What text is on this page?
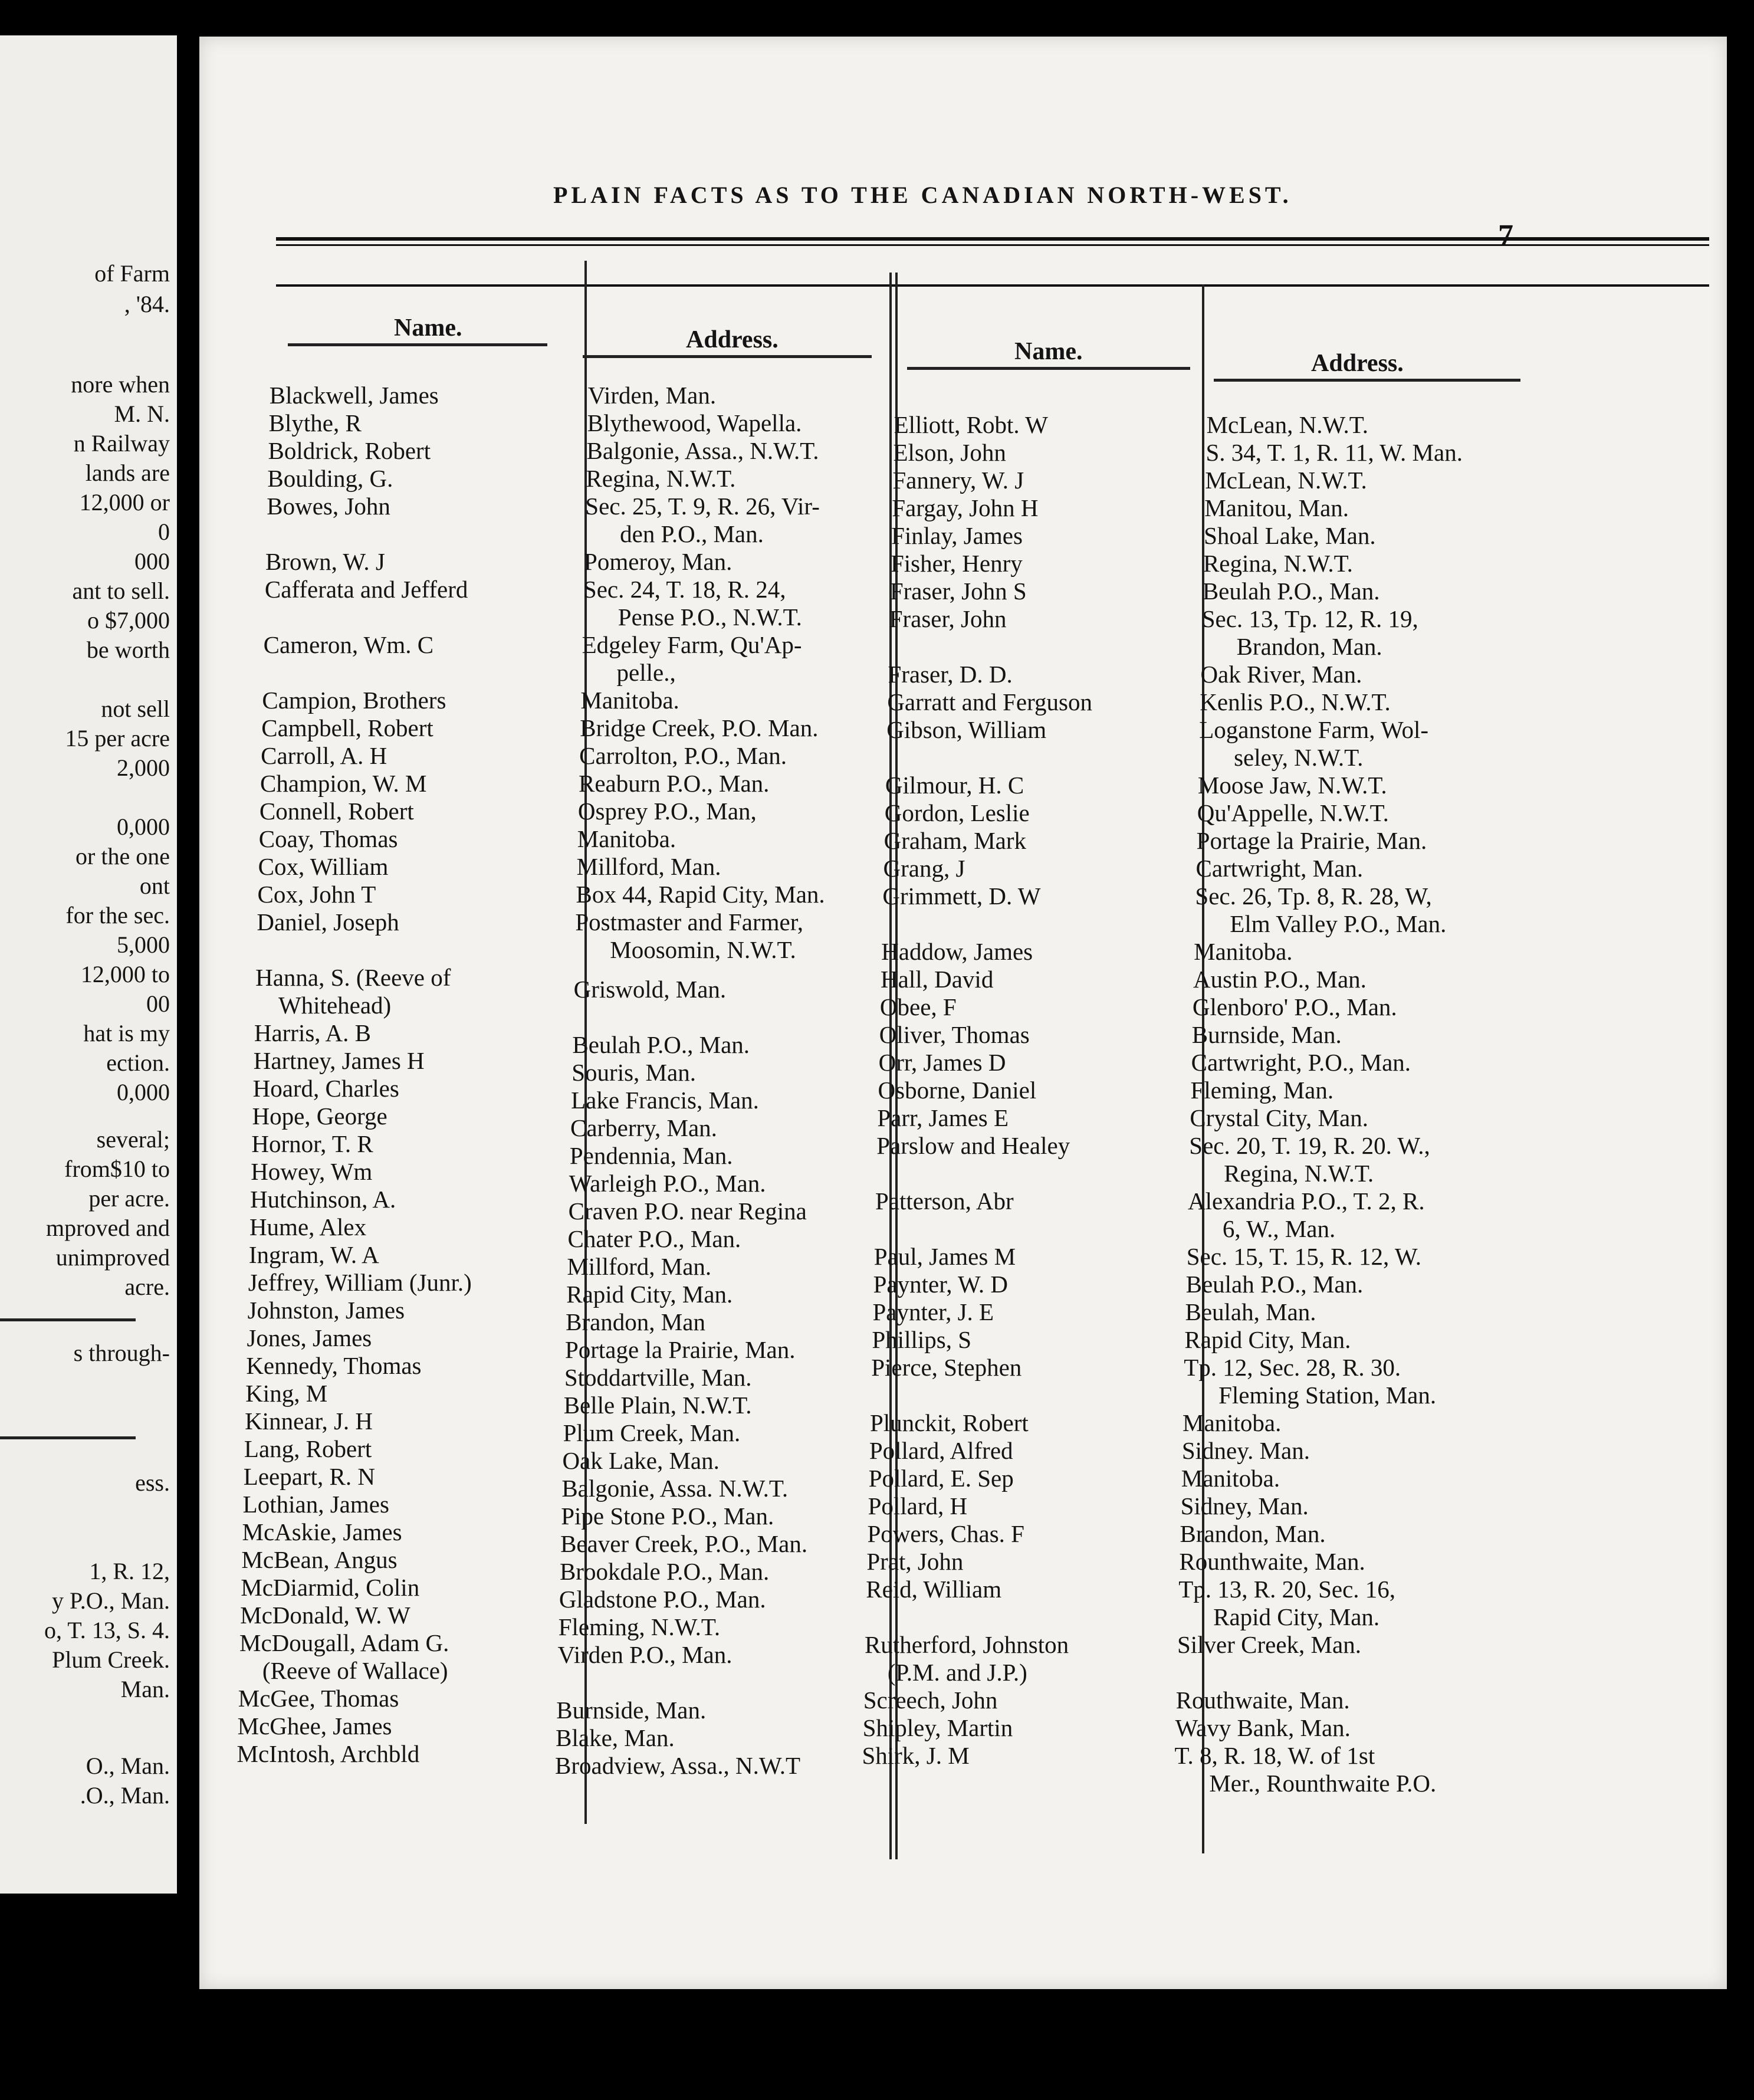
of Farm
, '84.
nore when
M. N.
n Railway
lands are
12,000 or
0
000
ant to sell.
o $7,000
be worth
not sell
15 per acre
2,000
0,000
or the one
ont
for the sec.
5,000
12,000 to
00
hat is my
ection.
0,000
several;
from$10 to
per acre.
mproved and
unimproved
acre.
s through-
ess.
1, R. 12,
y P.O., Man.
o, T. 13, S. 4.
Plum Creek.
Man.
O., Man.
.O., Man.
PLAIN FACTS AS TO THE CANADIAN NORTH-WEST.
7
Name.	Address.	Name.	Address.
Blackwell, James	Virden, Man.
Blythe, R	Blythewood, Wapella.
Boldrick, Robert	Balgonie, Assa., N.W.T.
Boulding, G.	Regina, N.W.T.
Bowes, John	Sec. 25, T. 9, R. 26, Vir-
den P.O., Man.
Brown, W. J	Pomeroy, Man.
Cafferata and Jefferd	Sec. 24, T. 18, R. 24,
Pense P.O., N.W.T.
Cameron, Wm. C	Edgeley Farm, Qu'Ap-
pelle.,
Campion, Brothers	Manitoba.
Campbell, Robert	Bridge Creek, P.O. Man.
Carroll, A. H	Carrolton, P.O., Man.
Champion, W. M	Reaburn P.O., Man.
Connell, Robert	Osprey P.O., Man,
Coay, Thomas	Manitoba.
Cox, William	Millford, Man.
Cox, John T	Box 44, Rapid City, Man.
Daniel, Joseph	Postmaster and Farmer,
Moosomin, N.W.T.
Hanna, S. (Reeve of	Griswold, Man.
Whitehead)
Harris, A. B	Beulah P.O., Man.
Hartney, James H	Souris, Man.
Hoard, Charles	Lake Francis, Man.
Hope, George	Carberry, Man.
Hornor, T. R	Pendennia, Man.
Howey, Wm	Warleigh P.O., Man.
Hutchinson, A.	Craven P.O. near Regina
Hume, Alex	Chater P.O., Man.
Ingram, W. A	Millford, Man.
Jeffrey, William (Junr.)	Rapid City, Man.
Johnston, James	Brandon, Man
Jones, James	Portage la Prairie, Man.
Kennedy, Thomas	Stoddartville, Man.
King, M	Belle Plain, N.W.T.
Kinnear, J. H	Plum Creek, Man.
Lang, Robert	Oak Lake, Man.
Leepart, R. N	Balgonie, Assa. N.W.T.
Lothian, James	Pipe Stone P.O., Man.
McAskie, James	Beaver Creek, P.O., Man.
McBean, Angus	Brookdale P.O., Man.
McDiarmid, Colin	Gladstone P.O., Man.
McDonald, W. W	Fleming, N.W.T.
McDougall, Adam G.	Virden P.O., Man.
(Reeve of Wallace)
McGee, Thomas	Burnside, Man.
McGhee, James	Blake, Man.
McIntosh, Archbld	Broadview, Assa., N.W.T
Elliott, Robt. W	McLean, N.W.T.
Elson, John	S. 34, T. 1, R. 11, W. Man.
Fannery, W. J	McLean, N.W.T.
Fargay, John H	Manitou, Man.
Finlay, James	Shoal Lake, Man.
Fisher, Henry	Regina, N.W.T.
Fraser, John S	Beulah P.O., Man.
Fraser, John	Sec. 13, Tp. 12, R. 19,
Brandon, Man.
Fraser, D. D.	Oak River, Man.
Garratt and Ferguson	Kenlis P.O., N.W.T.
Gibson, William	Loganstone Farm, Wol-
seley, N.W.T.
Gilmour, H. C	Moose Jaw, N.W.T.
Gordon, Leslie	Qu'Appelle, N.W.T.
Graham, Mark	Portage la Prairie, Man.
Grang, J	Cartwright, Man.
Grimmett, D. W	Sec. 26, Tp. 8, R. 28, W,
Elm Valley P.O., Man.
Haddow, James	Manitoba.
Hall, David	Austin P.O., Man.
Obee, F	Glenboro' P.O., Man.
Oliver, Thomas	Burnside, Man.
Orr, James D	Cartwright, P.O., Man.
Osborne, Daniel	Fleming, Man.
Parr, James E	Crystal City, Man.
Parslow and Healey	Sec. 20, T. 19, R. 20. W.,
Regina, N.W.T.
Patterson, Abr	Alexandria P.O., T. 2, R.
6, W., Man.
Paul, James M	Sec. 15, T. 15, R. 12, W.
Paynter, W. D	Beulah P.O., Man.
Paynter, J. E	Beulah, Man.
Phillips, S	Rapid City, Man.
Pierce, Stephen	Tp. 12, Sec. 28, R. 30.
Fleming Station, Man.
Plunckit, Robert	Manitoba.
Pollard, Alfred	Sidney. Man.
Pollard, E. Sep	Manitoba.
Pollard, H	Sidney, Man.
Powers, Chas. F	Brandon, Man.
Prat, John	Rounthwaite, Man.
Reid, William	Tp. 13, R. 20, Sec. 16,
Rapid City, Man.
Rutherford, Johnston	Silver Creek, Man.
(P.M. and J.P.)
Screech, John	Routhwaite, Man.
Shipley, Martin	Wavy Bank, Man.
Shirk, J. M	T. 8, R. 18, W. of 1st
Mer., Rounthwaite P.O.
